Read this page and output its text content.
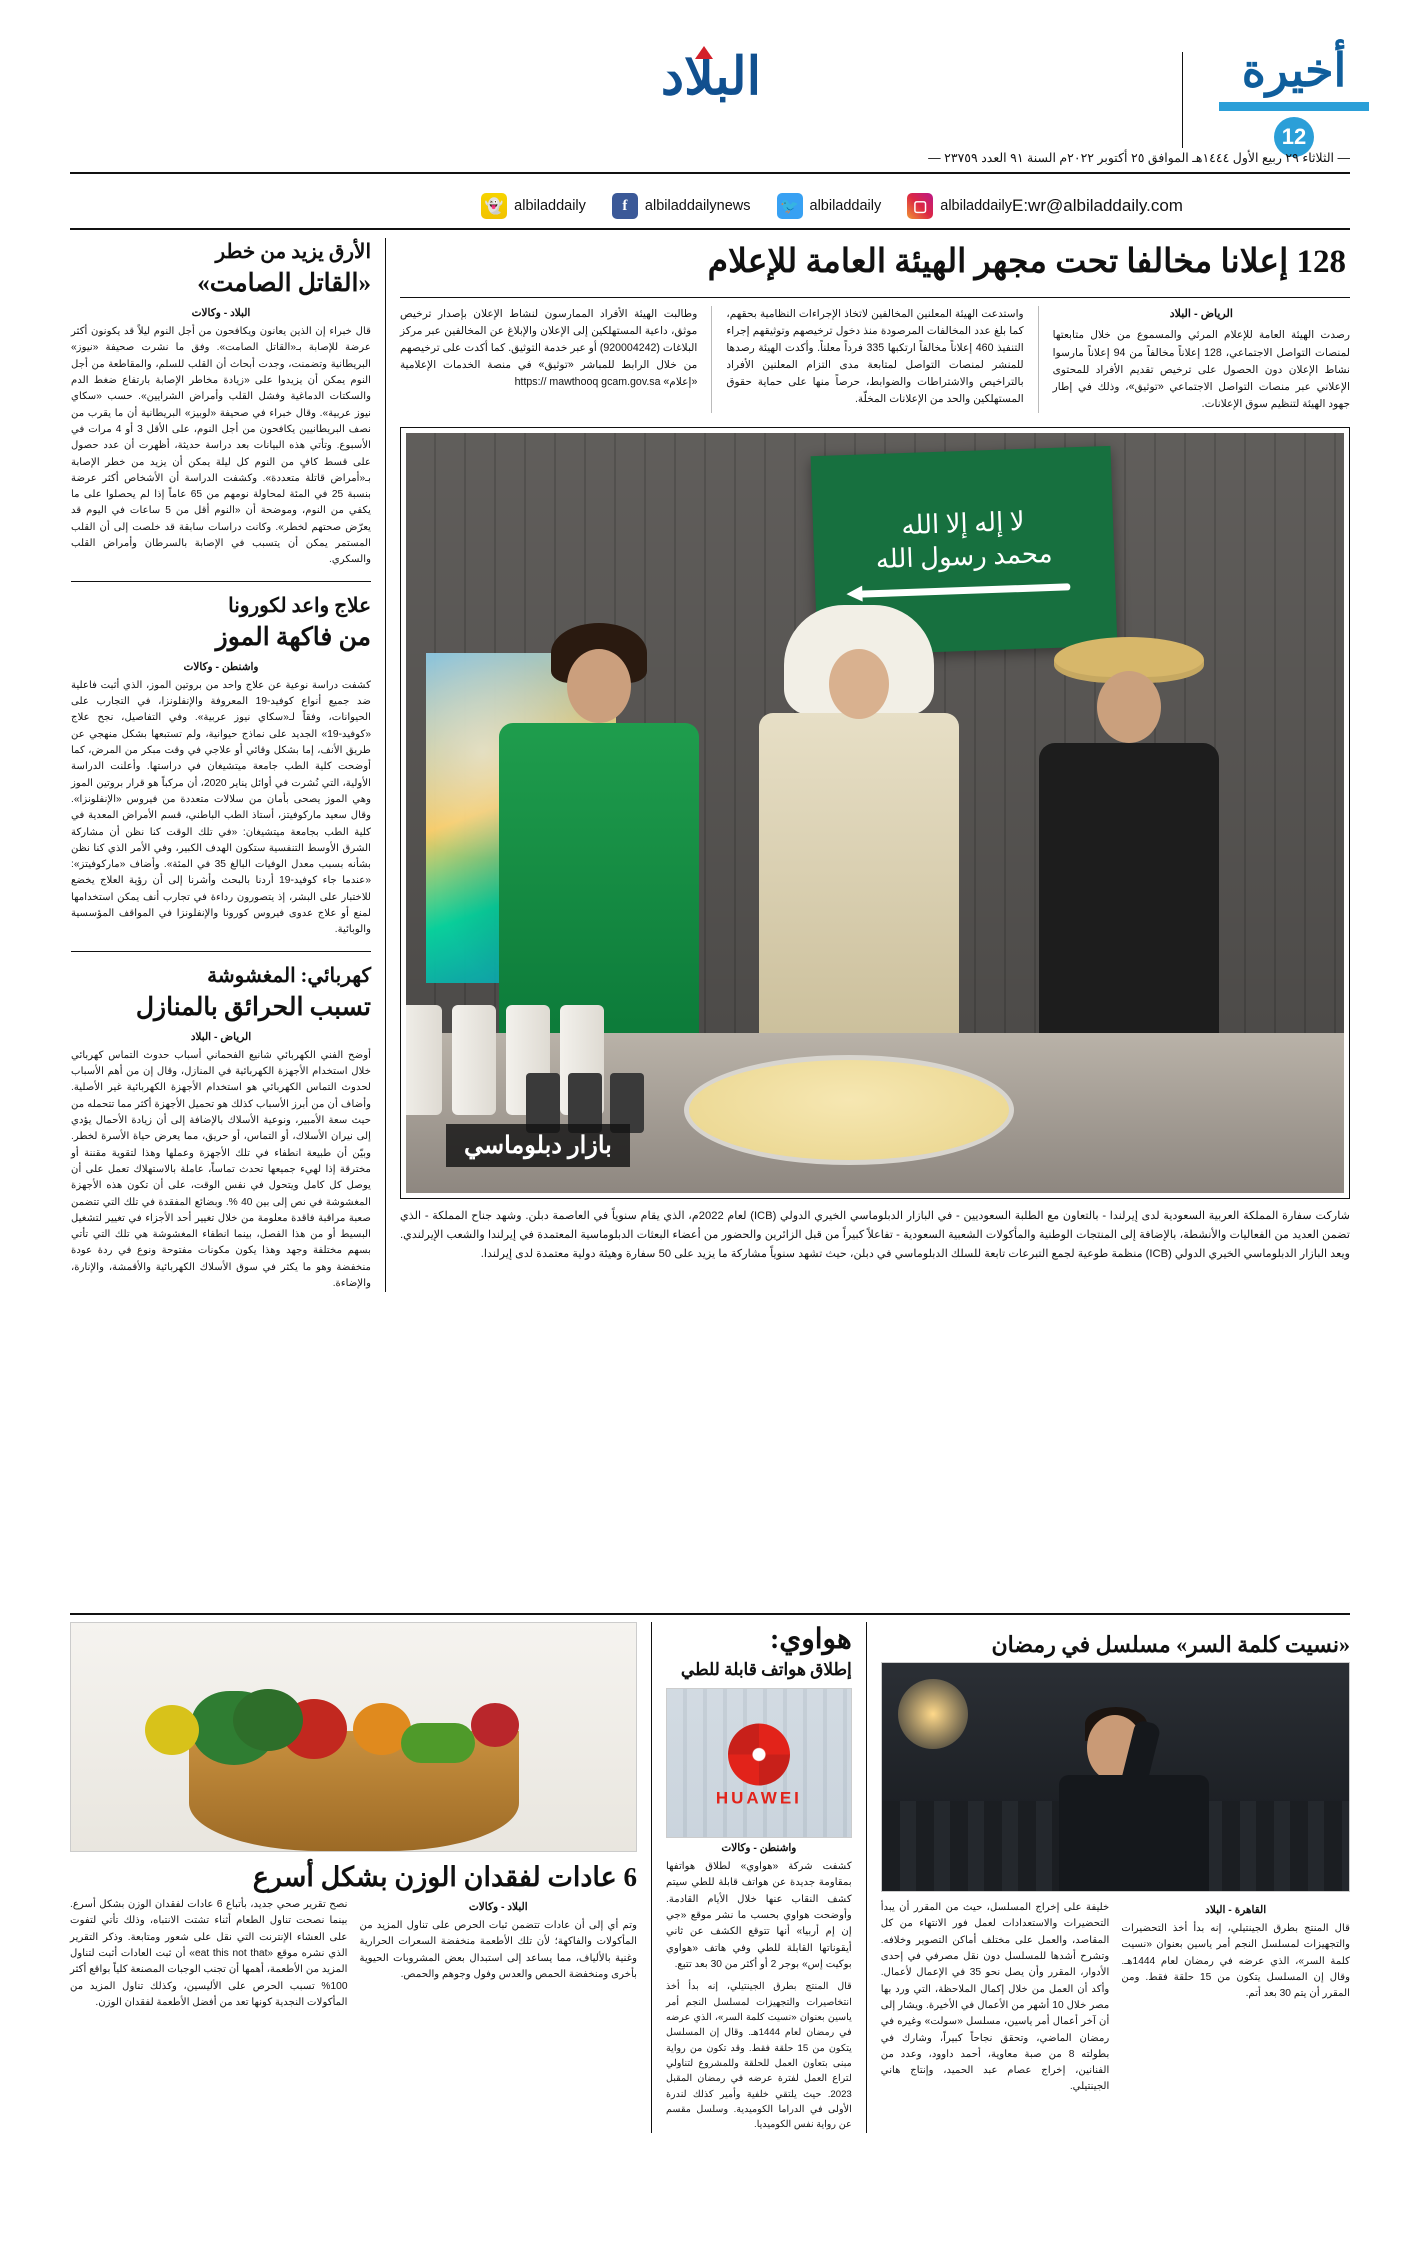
البلاد	أخيرة
12
— الثلاثاء ٢٩ ربيع الأول ١٤٤٤هـ الموافق ٢٥ أكتوبر ٢٠٢٢م السنة ٩١ العدد ٢٣٧٥٩ —
E:wr@albiladdaily.com
👻 albiladdaily	f	albiladdailynews 🐦 albiladdaily	▢ albiladdaily
128 إعلانا مخالفا تحت مجهر الهيئة العامة للإعلام
الرياض - البلاد
رصدت الهيئة العامة للإعلام المرئي والمسموع من خلال متابعتها لمنصات التواصل الاجتماعي، 128 إعلاناً مخالفاً من 94 إعلاناً مارسوا نشاط الإعلان دون الحصول على ترخيص تقديم الأفراد للمحتوى الإعلاني عبر منصات التواصل الاجتماعي «توثيق»، وذلك في إطار جهود الهيئة لتنظيم سوق الإعلانات.
واستدعت الهيئة المعلنين المخالفين لاتخاذ الإجراءات النظامية بحقهم، كما بلغ عدد المخالفات المرصودة منذ دخول ترخيصهم وتوثيقهم إجراء التنفيذ 460 إعلاناً مخالفاً ارتكبها 335 فرداً معلناً. وأكدت الهيئة رصدها للمنشر لمنصات التواصل لمتابعة مدى التزام المعلنين الأفراد بالتراخيص والاشتراطات والضوابط، حرصاً منها على حماية حقوق المستهلكين والحد من الإعلانات المخلّة.
وطالبت الهيئة الأفراد الممارسون لنشاط الإعلان بإصدار ترخيص موثق، داعية المستهلكين إلى الإعلان والإبلاغ عن المخالفين عبر مركز البلاغات (920004242) أو عبر خدمة التوثيق. كما أكدت على ترخيصهم من خلال الرابط للمباشر «توثيق» في منصة الخدمات الإعلامية «إعلام» https:// mawthooq gcam.gov.sa
لا إله إلا الله
محمد رسول الله
بازار دبلوماسي
شاركت سفارة المملكة العربية السعودية لدى إيرلندا - بالتعاون مع الطلبة السعوديين - في البازار الدبلوماسي الخيري الدولي (ICB) لعام 2022م، الذي يقام سنوياً في العاصمة دبلن. وشهد جناح المملكة - الذي تضمن العديد من الفعاليات والأنشطة، بالإضافة إلى المنتجات الوطنية والمأكولات الشعبية السعودية - تفاعلاً كبيراً من قبل الزائرين والحضور من أعضاء البعثات الدبلوماسية المعتمدة في إيرلندا والشعب الإيرلندي. ويعد البازار الدبلوماسي الخيري الدولي (ICB) منظمة طوعية لجمع التبرعات تابعة للسلك الدبلوماسي في دبلن، حيث تشهد سنوياً مشاركة ما يزيد على 50 سفارة وهيئة دولية معتمدة لدى إيرلندا.
الأرق يزيد من خطر
«القاتل الصامت»
البلاد - وكالات
قال خبراء إن الذين يعانون ويكافحون من أجل النوم ليلاً قد يكونون أكثر عرضة للإصابة بـ«القاتل الصامت». وفق ما نشرت صحيفة «نيوز» البريطانية وتضمنت، وجدت أبحاث أن القلب للسلم، والمقاطعة من أجل النوم يمكن أن يزيدوا على «زيادة مخاطر الإصابة بارتفاع ضغط الدم والسكتات الدماغية وفشل القلب وأمراض الشرايين». حسب «سكاي نيوز عربية». وقال خبراء في صحيفة «لوبيز» البريطانية أن ما يقرب من نصف البريطانيين يكافحون من أجل النوم، على الأقل 3 أو 4 مرات في الأسبوع. وتأتي هذه البيانات بعد دراسة حديثة، أظهرت أن عدد حصول على قسط كافٍ من النوم كل ليلة يمكن أن يزيد من خطر الإصابة بـ«أمراض قاتلة متعددة». وكشفت الدراسة أن الأشخاص أكثر عرضة بنسبة 25 في المئة لمحاولة نومهم من 65 عاماً إذا لم يحصلوا على ما يكفي من النوم، وموضحة أن «النوم أقل من 5 ساعات في اليوم قد يعرّض صحتهم لخطر». وكانت دراسات سابقة قد خلصت إلى أن القلب المستمر يمكن أن يتسبب في الإصابة بالسرطان وأمراض القلب والسكري.
علاج واعد لكورونا
من فاكهة الموز
واشنطن - وكالات
كشفت دراسة نوعية عن علاج واحد من بروتين الموز، الذي أثبت فاعلية ضد جميع أنواع كوفيد-19 المعروفة والإنفلونزا، في التجارب على الحيوانات، وفقاً لـ«سكاي نيوز عربية». وفي التفاصيل، نجح علاج «كوفيد-19» الجديد على نماذج حيوانية، ولم تستبعها بشكل منهجي عن طريق الأنف، إما بشكل وقائي أو علاجي في وقت مبكر من المرض، كما أوضحت كلية الطب جامعة ميتشيغان في دراستها. وأعلنت الدراسة الأولية، التي نُشرت في أوائل يناير 2020، أن مركباً هو قرار بروتين الموز وهي الموز يصحى بأمان من سلالات متعددة من فيروس «الإنفلونزا». وقال سعيد ماركوفيتز، أستاذ الطب الباطني، قسم الأمراض المعدية في كلية الطب بجامعة ميتشيغان: «في تلك الوقت كنا نظن أن مشاركة الشرق الأوسط التنفسية ستكون الهدف الكبير، وفي الأمر الذي كنا نظن بشأنه بسبب معدل الوفيات البالغ 35 في المئة». وأضاف «ماركوفيتز»: «عندما جاء كوفيد-19 أردنا بالبحث وأشرنا إلى أن رؤية العلاج يخضع للاختبار على البشر، إذ يتصورون رداءة في تجارب أنف يمكن استخدامها لمنع أو علاج عدوى فيروس كورونا والإنفلونزا في المواقف المؤسسية والوبائية.
كهربائي: المغشوشة
تسبب الحرائق بالمنازل
الرياض - البلاد
أوضح الفني الكهربائي شانيع الفحماني أسباب حدوث التماس كهربائي خلال استخدام الأجهزة الكهربائية في المنازل، وقال إن من أهم الأسباب لحدوث التماس الكهربائي هو استخدام الأجهزة الكهربائية غير الأصلية. وأضاف أن من أبرز الأسباب كذلك هو تحميل الأجهزة أكثر مما تتحمله من حيث سعة الأمبير، ونوعية الأسلاك بالإضافة إلى أن زيادة الأحمال يؤدي إلى نيران الأسلاك، أو التماس، أو حريق، مما يعرض حياة الأسرة لخطر. وبيّن أن طبيعة انطفاء في تلك الأجهزة وعملها وهذا لتقوية مقننة أو مخترقة إذا لهيء جميعها تحدث تماساً، عاملة بالاستهلاك تعمل على أن يوصل كل كامل ويتحول في نفس الوقت، على أن تكون هذه الأجهزة المغشوشة في نص إلى بين 40 %. وبضائع المفقدة في تلك التي تتضمن صعبة مراقبة فاقدة معلومة من خلال تغيير أحد الأجزاء في تغيير لتشغيل البسيط أو من هذا الفصل، بينما انطفاء المغشوشة هي تلك التي تأتي بسهم مختلفة وجهد وهذا يكون مكونات مفتوحة ونوع في ردة عودة منخفضة وهو ما يكثر في سوق الأسلاك الكهربائية والأقمشة، والإنارة، والإضاءة.
«نسيت كلمة السر» مسلسل في رمضان
القاهرة - البلاد
قال المنتج بطرق الجينتيلي، إنه بدأ أخذ التحضيرات والتجهيزات لمسلسل النجم أمر ياسين بعنوان «نسيت كلمة السر»، الذي عرضه في رمضان لعام 1444هـ. وقال إن المسلسل يتكون من 15 حلقة فقط. ومن المقرر أن يتم 30 بعد أتم.
خليفة على إخراج المسلسل، حيث من المقرر أن يبدأ التحضيرات والاستعدادات لعمل فور الانتهاء من كل المقاصد، والعمل على مختلف أماكن التصوير وخلافه. وتشرح أشدها للمسلسل دون نقل مصرفي في إحدى الأدوار، المقرر وأن يصل نحو 35 في الإعمال لأعمال. وأكد أن العمل من خلال إكمال الملاحظة، التي ورد بها مصر خلال 10 أشهر من الأعمال في الأخيرة. ويشار إلى أن آخر أعمال أمر ياسين، مسلسل «سولت» وغيره في رمضان الماضي، وتحقق نجاحاً كبيراً، وشارك في بطولته 8 من صبة معاوية، أحمد داوود، وعدد من الفنانين، إخراج عصام عبد الحميد، وإنتاج هاني الجينتيلي.
هواوي:
إطلاق هواتف قابلة للطي
HUAWEI
واشنطن - وكالات
كشفت شركة «هواوي» لطلاق هواتفها بمقاومة جديدة عن هواتف قابلة للطي سيتم كشف النقاب عنها خلال الأيام القادمة. وأوضحت هواوي بحسب ما نشر موقع «جي إن إم أربيا» أنها تتوقع الكشف عن ثاني أيقوناتها القابلة للطي وفي هاتف «هواوي بوكيت إس» بوجر 2 أو أكثر من 30 بعد تتبع.
قال المنتج بطرق الجينتيلي، إنه بدأ أخذ انتخاصيرات والتجهيزات لمسلسل النجم أمر ياسين بعنوان «نسيت كلمة السر»، الذي عرضه في رمضان لعام 1444هـ. وقال إن المسلسل يتكون من 15 حلقة فقط. وقد تكون من رواية مبنى بتعاون العمل للحلقة وللمشروع لتناولي لتراع العمل لفترة عرضه في رمضان المقبل 2023. حيث يلتقي خلفية وأمير كذلك لندرة الأولى في الدراما الكوميدية. وسلسل مقسم عن رواية نفس الكوميديا.
6 عادات لفقدان الوزن بشكل أسرع
البلاد - وكالات
وتم أي إلى أن عادات تتضمن ثبات الحرص على تناول المزيد من المأكولات والفاكهة؛ لأن تلك الأطعمة منخفضة السعرات الحرارية وغنية بالألياف، مما يساعد إلى استبدال بعض المشروبات الحيوية بأخرى ومنخفضة الحمص والعدس وفول وجوهم والحمص.
نصح تقرير صحي جديد، بأتباع 6 عادات لفقدان الوزن بشكل أسرع. بينما نصحت تناول الطعام أثناء تشتت الانتباه، وذلك تأتي لتفوت على العشاء الإنترنت التي نقل على شعور ومتابعة. وذكر التقرير الذي نشره موقع «eat this not that» أن ثبت العادات أثبت لتناول المزيد من الأطعمة، أهمها أن تجنب الوجبات المصنعة كلياً بواقع أكثر 100% تسبب الحرص على الأليسين، وكذلك تناول المزيد من المأكولات النجدية كونها تعد من أفضل الأطعمة لفقدان الوزن.
